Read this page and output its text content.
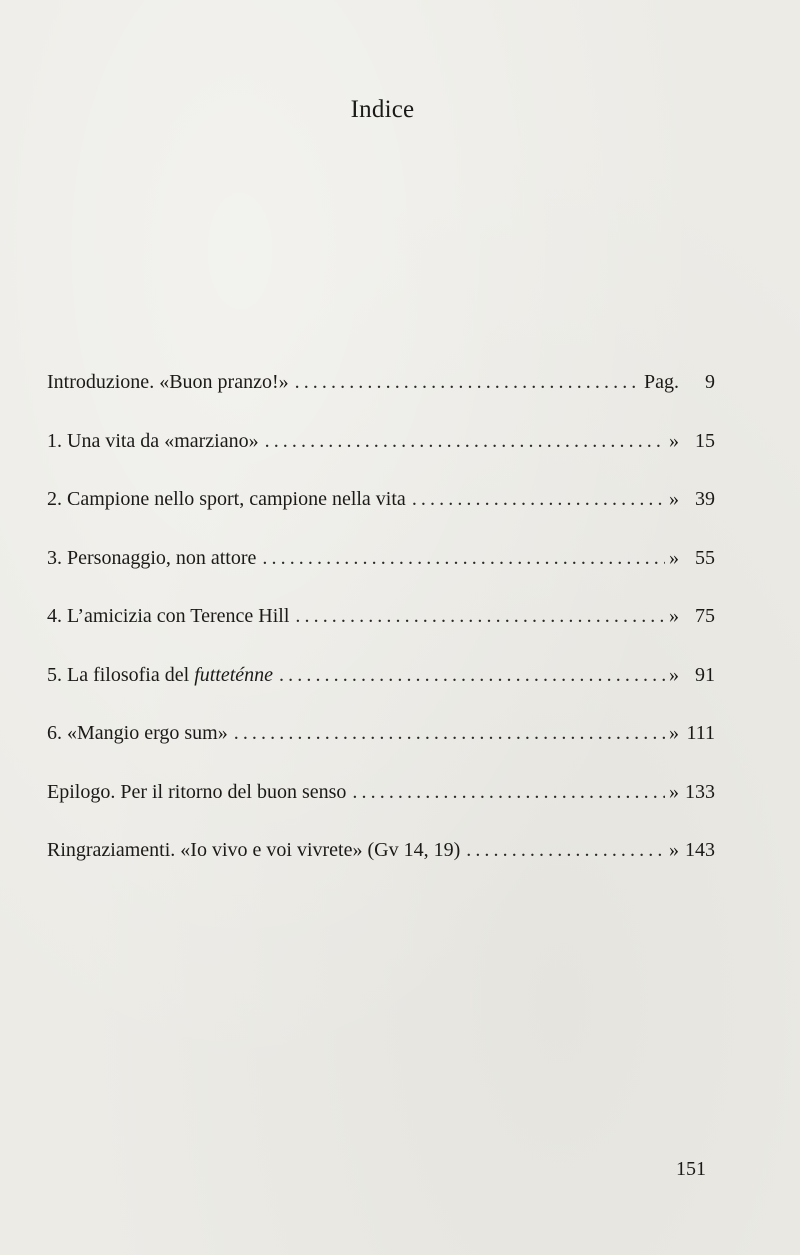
Indice
Introduzione. «Buon pranzo!» . . .	Pag.	9
1. Una vita da «marziano» . . .	» 15
2. Campione nello sport, campione nella vita . . .	» 39
3. Personaggio, non attore . . .	» 55
4. L’amicizia con Terence Hill . . .	» 75
5. La filosofia del futteténne . . .	» 91
6. «Mangio ergo sum» . . .	» 111
Epilogo. Per il ritorno del buon senso . . .	» 133
Ringraziamenti. «Io vivo e voi vivrete» (Gv 14, 19) . . .	» 143
151
